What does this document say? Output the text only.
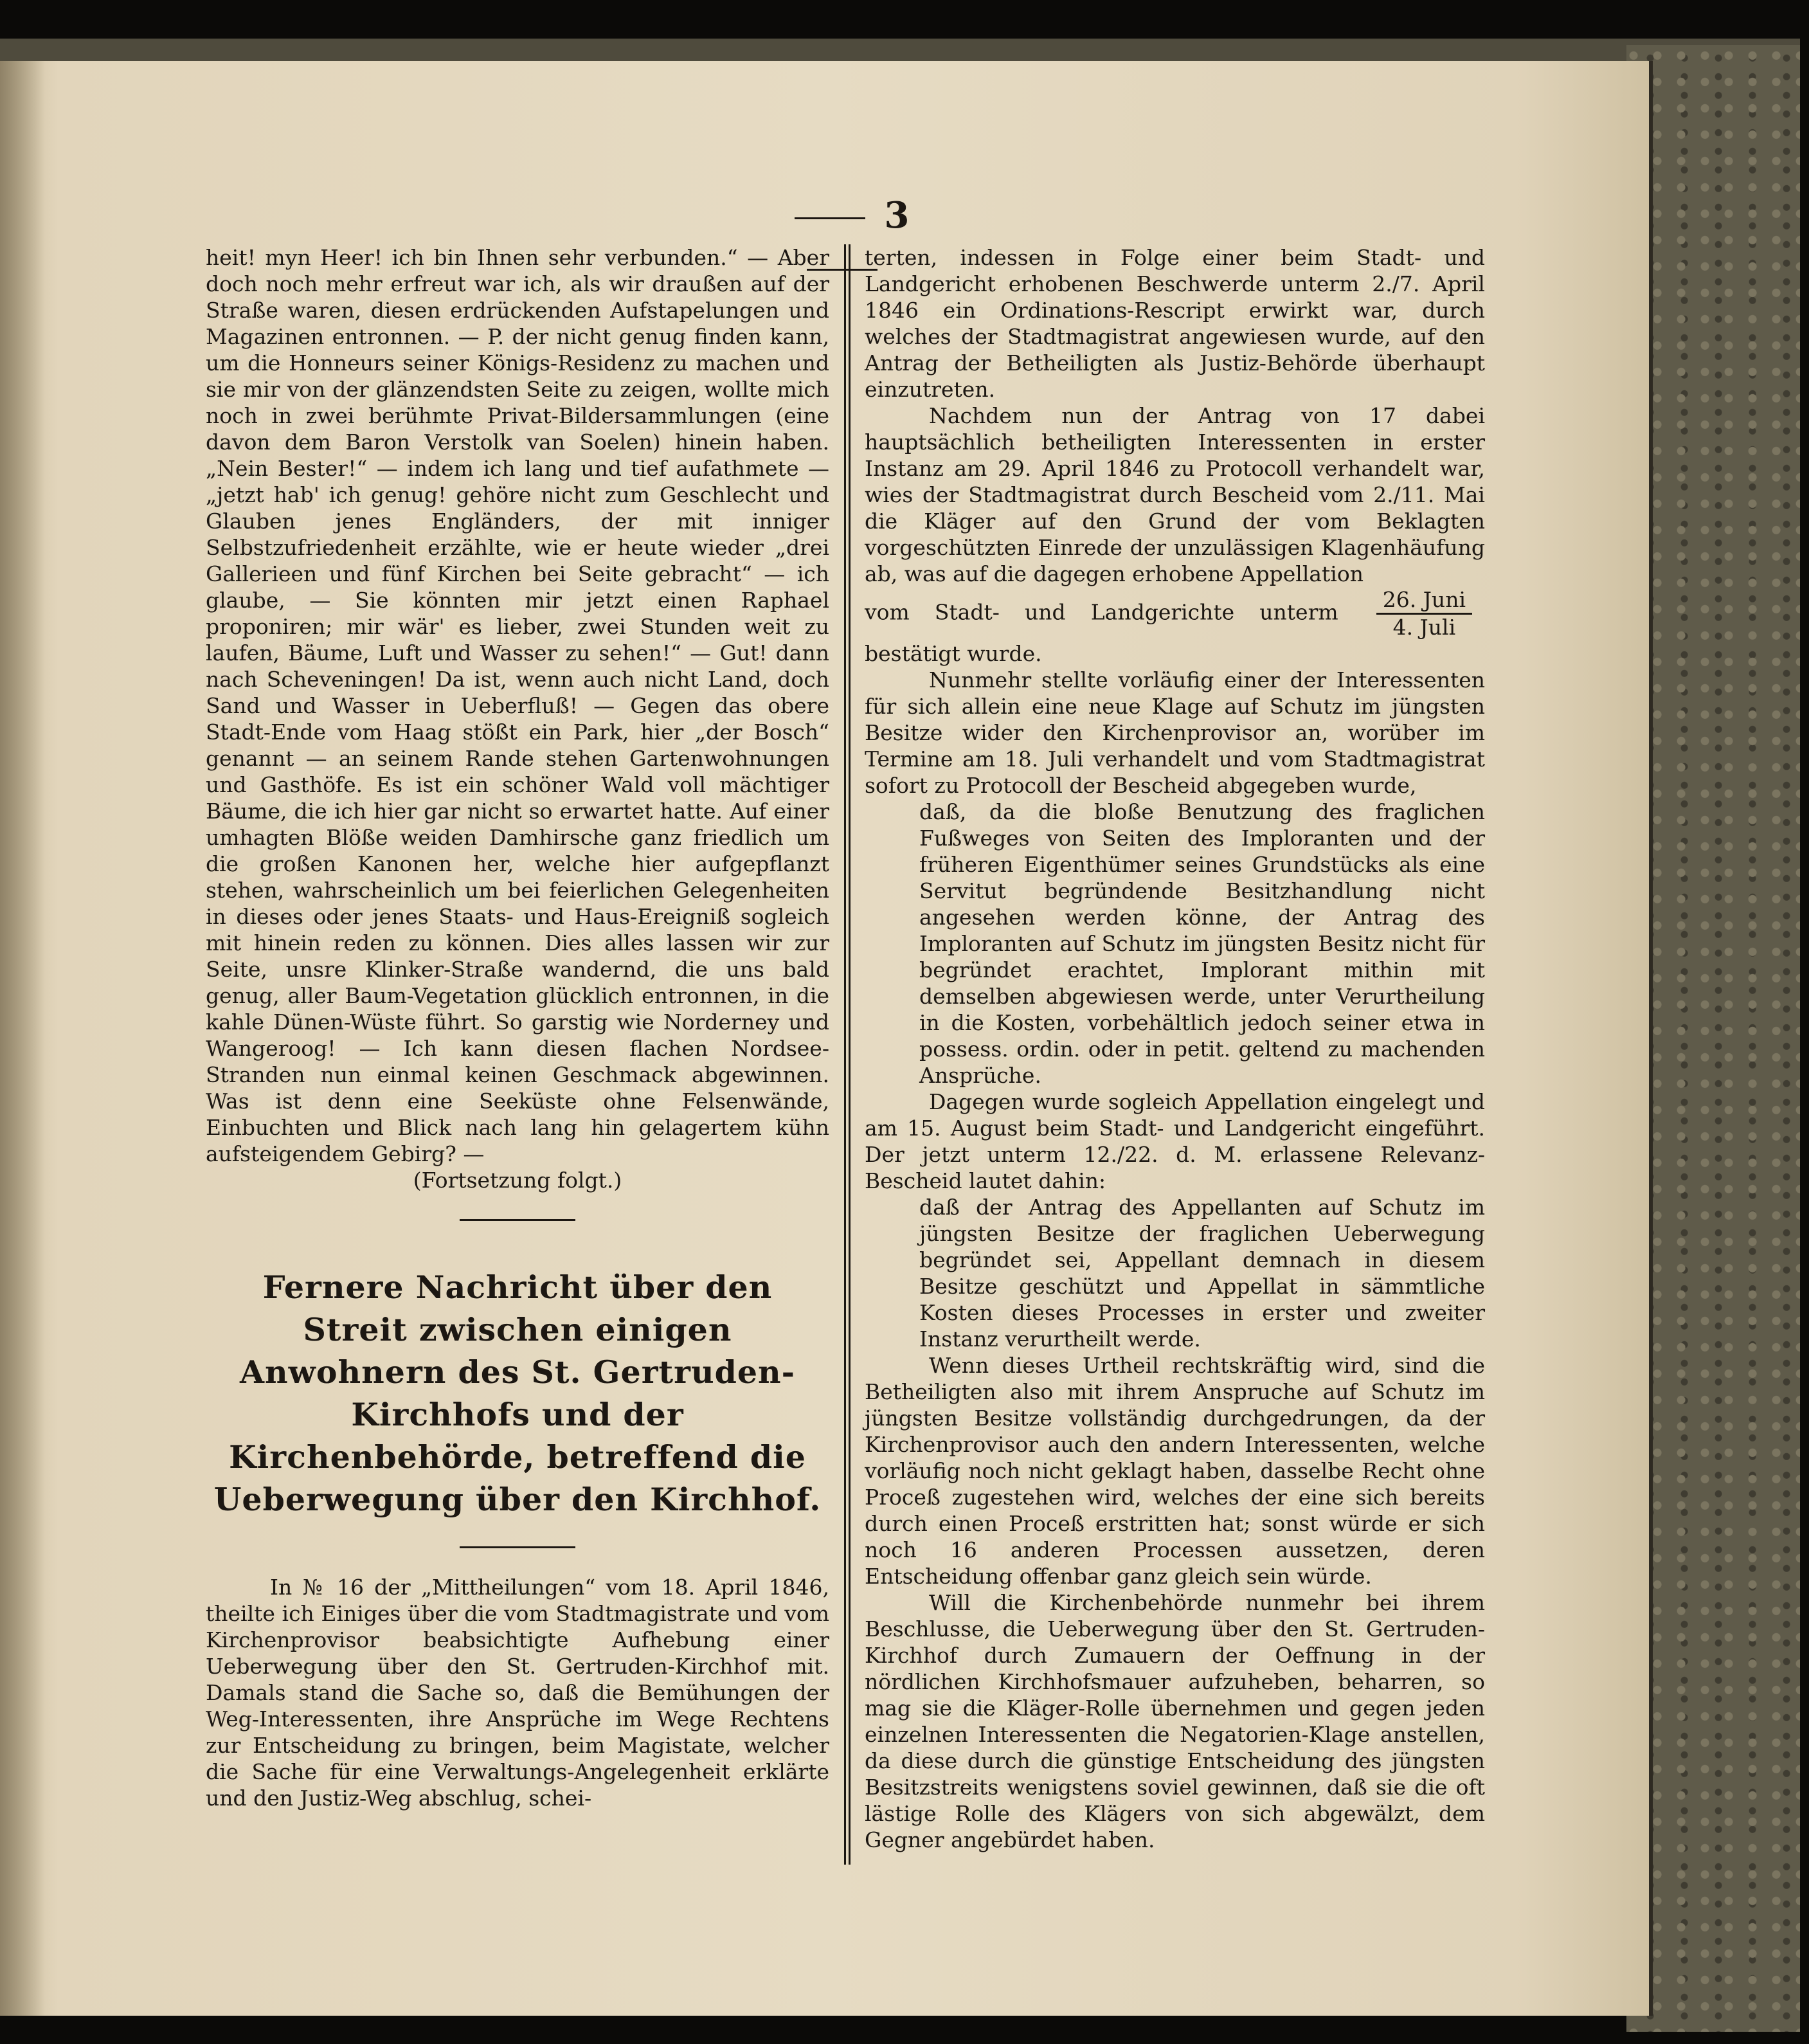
3

heit! myn Heer! ich bin Ihnen sehr verbunden.“ — Aber doch noch mehr erfreut war ich, als wir draußen auf der Straße waren, diesen erdrückenden Aufstapelungen und Magazinen entronnen. — P. der nicht genug finden kann, um die Honneurs seiner Königs-Residenz zu machen und sie mir von der glänzendsten Seite zu zeigen, wollte mich noch in zwei berühmte Privat-Bildersammlungen (eine davon dem Baron Verstolk van Soelen) hinein haben. „Nein Bester!“ — indem ich lang und tief aufathmete — „jetzt hab' ich genug! gehöre nicht zum Geschlecht und Glauben jenes Engländers, der mit inniger Selbstzufriedenheit erzählte, wie er heute wieder „drei Gallerieen und fünf Kirchen bei Seite gebracht“ — ich glaube, — Sie könnten mir jetzt einen Raphael proponiren; mir wär' es lieber, zwei Stunden weit zu laufen, Bäume, Luft und Wasser zu sehen!“ — Gut! dann nach Scheveningen! Da ist, wenn auch nicht Land, doch Sand und Wasser in Ueberfluß! — Gegen das obere Stadt-Ende vom Haag stößt ein Park, hier „der Bosch“ genannt — an seinem Rande stehen Gartenwohnungen und Gasthöfe. Es ist ein schöner Wald voll mächtiger Bäume, die ich hier gar nicht so erwartet hatte. Auf einer umhagten Blöße weiden Damhirsche ganz friedlich um die großen Kanonen her, welche hier aufgepflanzt stehen, wahrscheinlich um bei feierlichen Gelegenheiten in dieses oder jenes Staats- und Haus-Ereigniß sogleich mit hinein reden zu können. Dies alles lassen wir zur Seite, unsre Klinker-Straße wandernd, die uns bald genug, aller Baum-Vegetation glücklich entronnen, in die kahle Dünen-Wüste führt. So garstig wie Norderney und Wangeroog! — Ich kann diesen flachen Nordsee-Stranden nun einmal keinen Geschmack abgewinnen. Was ist denn eine Seeküste ohne Felsenwände, Einbuchten und Blick nach lang hin gelagertem kühn aufsteigendem Gebirg? —

(Fortsetzung folgt.)

Fernere Nachricht über den Streit zwischen einigen Anwohnern des St. Gertruden-Kirchhofs und der Kirchenbehörde, betreffend die Ueberwegung über den Kirchhof.

In № 16 der „Mittheilungen“ vom 18. April 1846, theilte ich Einiges über die vom Stadtmagistrate und vom Kirchenprovisor beabsichtigte Aufhebung einer Ueberwegung über den St. Gertruden-Kirchhof mit. Damals stand die Sache so, daß die Bemühungen der Weg-Interessenten, ihre Ansprüche im Wege Rechtens zur Entscheidung zu bringen, beim Magistate, welcher die Sache für eine Verwaltungs-Angelegenheit erklärte und den Justiz-Weg abschlug, schei-

terten, indessen in Folge einer beim Stadt- und Landgericht erhobenen Beschwerde unterm 2./7. April 1846 ein Ordinations-Rescript erwirkt war, durch welches der Stadtmagistrat angewiesen wurde, auf den Antrag der Betheiligten als Justiz-Behörde überhaupt einzutreten.

Nachdem nun der Antrag von 17 dabei hauptsächlich betheiligten Interessenten in erster Instanz am 29. April 1846 zu Protocoll verhandelt war, wies der Stadtmagistrat durch Bescheid vom 2./11. Mai die Kläger auf den Grund der vom Beklagten vorgeschützten Einrede der unzulässigen Klagenhäufung ab, was auf die dagegen erhobene Appellation

vom Stadt- und Landgerichte unterm $\frac{\text{26. Juni}}{\text{4. Juli}}$
bestätigt wurde.

Nunmehr stellte vorläufig einer der Interessenten für sich allein eine neue Klage auf Schutz im jüngsten Besitze wider den Kirchenprovisor an, worüber im Termine am 18. Juli verhandelt und vom Stadtmagistrat sofort zu Protocoll der Bescheid abgegeben wurde,

daß, da die bloße Benutzung des fraglichen Fußweges von Seiten des Imploranten und der früheren Eigenthümer seines Grundstücks als eine Servitut begründende Besitzhandlung nicht angesehen werden könne, der Antrag des Imploranten auf Schutz im jüngsten Besitz nicht für begründet erachtet, Implorant mithin mit demselben abgewiesen werde, unter Verurtheilung in die Kosten, vorbehältlich jedoch seiner etwa in possess. ordin. oder in petit. geltend zu machenden Ansprüche.

Dagegen wurde sogleich Appellation eingelegt und am 15. August beim Stadt- und Landgericht eingeführt. Der jetzt unterm 12./22. d. M. erlassene Relevanz-Bescheid lautet dahin:

daß der Antrag des Appellanten auf Schutz im jüngsten Besitze der fraglichen Ueberwegung begründet sei, Appellant demnach in diesem Besitze geschützt und Appellat in sämmtliche Kosten dieses Processes in erster und zweiter Instanz verurtheilt werde.

Wenn dieses Urtheil rechtskräftig wird, sind die Betheiligten also mit ihrem Anspruche auf Schutz im jüngsten Besitze vollständig durchgedrungen, da der Kirchenprovisor auch den andern Interessenten, welche vorläufig noch nicht geklagt haben, dasselbe Recht ohne Proceß zugestehen wird, welches der eine sich bereits durch einen Proceß erstritten hat; sonst würde er sich noch 16 anderen Processen aussetzen, deren Entscheidung offenbar ganz gleich sein würde.

Will die Kirchenbehörde nunmehr bei ihrem Beschlusse, die Ueberwegung über den St. Gertruden-Kirchhof durch Zumauern der Oeffnung in der nördlichen Kirchhofsmauer aufzuheben, beharren, so mag sie die Kläger-Rolle übernehmen und gegen jeden einzelnen Interessenten die Negatorien-Klage anstellen, da diese durch die günstige Entscheidung des jüngsten Besitzstreits wenigstens soviel gewinnen, daß sie die oft lästige Rolle des Klägers von sich abgewälzt, dem Gegner angebürdet haben.
